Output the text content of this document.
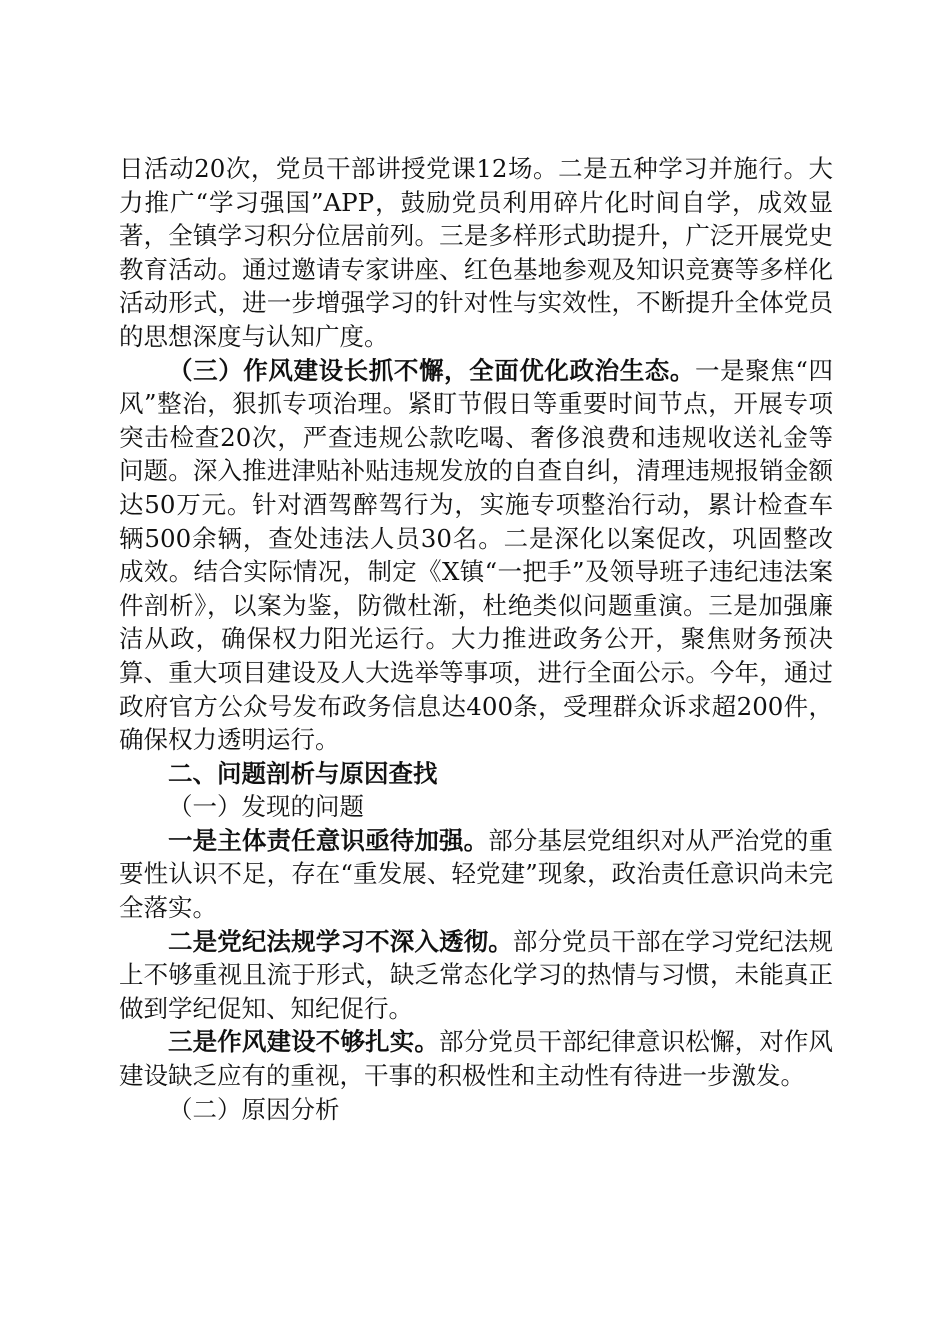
日活动20次，党员干部讲授党课12场。二是五种学习并施行。大力推广“学习强国”APP，鼓励党员利用碎片化时间自学，成效显著，全镇学习积分位居前列。三是多样形式助提升，广泛开展党史教育活动。通过邀请专家讲座、红色基地参观及知识竞赛等多样化活动形式，进一步增强学习的针对性与实效性，不断提升全体党员的思想深度与认知广度。

（三）作风建设长抓不懈，全面优化政治生态。一是聚焦“四风”整治，狠抓专项治理。紧盯节假日等重要时间节点，开展专项突击检查20次，严查违规公款吃喝、奢侈浪费和违规收送礼金等问题。深入推进津贴补贴违规发放的自查自纠，清理违规报销金额达50万元。针对酒驾醉驾行为，实施专项整治行动，累计检查车辆500余辆，查处违法人员30名。二是深化以案促改，巩固整改成效。结合实际情况，制定《X镇“一把手”及领导班子违纪违法案件剖析》，以案为鉴，防微杜渐，杜绝类似问题重演。三是加强廉洁从政，确保权力阳光运行。大力推进政务公开，聚焦财务预决算、重大项目建设及人大选举等事项，进行全面公示。今年，通过政府官方公众号发布政务信息达400条，受理群众诉求超200件，确保权力透明运行。

二、问题剖析与原因查找

（一）发现的问题

一是主体责任意识亟待加强。部分基层党组织对从严治党的重要性认识不足，存在“重发展、轻党建”现象，政治责任意识尚未完全落实。

二是党纪法规学习不深入透彻。部分党员干部在学习党纪法规上不够重视且流于形式，缺乏常态化学习的热情与习惯，未能真正做到学纪促知、知纪促行。

三是作风建设不够扎实。部分党员干部纪律意识松懈，对作风建设缺乏应有的重视，干事的积极性和主动性有待进一步激发。

（二）原因分析
